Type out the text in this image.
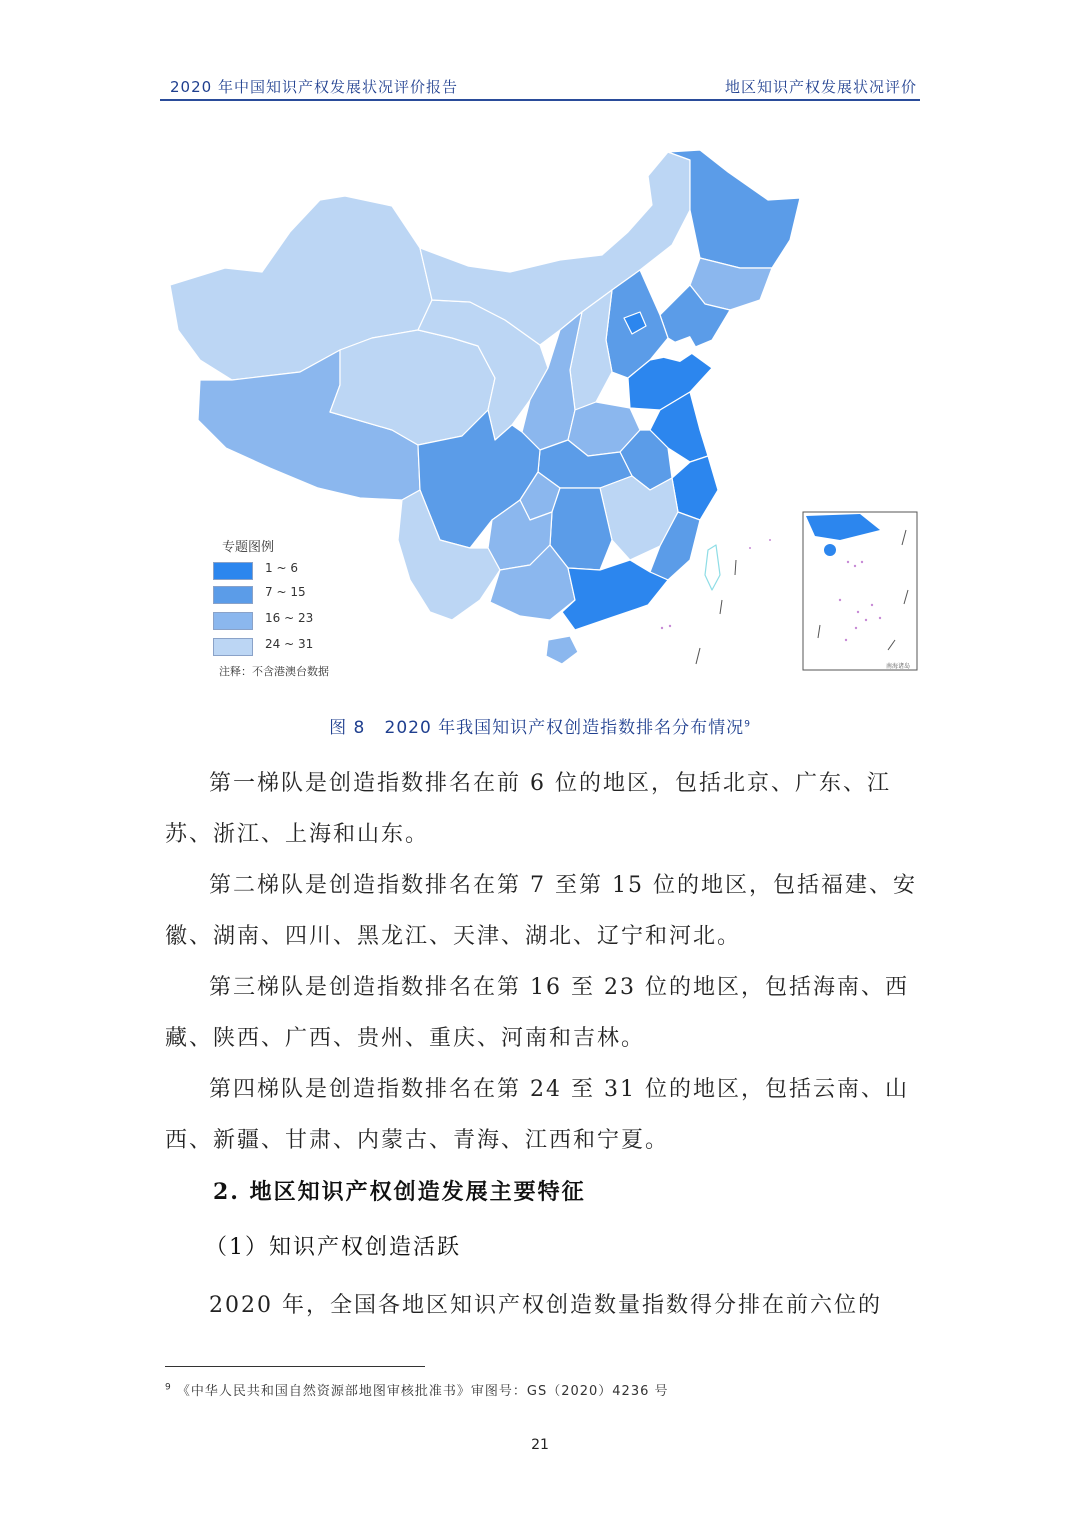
2020 年中国知识产权发展状况评价报告	地区知识产权发展状况评价
专题图例
1 ~ 6
7 ~ 15
16 ~ 23
24 ~ 31
注释：不含港澳台数据	南海诸岛
图 8 2020 年我国知识产权创造指数排名分布情况$^9$

第一梯队是创造指数排名在前 6 位的地区，包括北京、广东、江苏、浙江、上海和山东。

第二梯队是创造指数排名在第 7 至第 15 位的地区，包括福建、安徽、湖南、四川、黑龙江、天津、湖北、辽宁和河北。

第三梯队是创造指数排名在第 16 至 23 位的地区，包括海南、西藏、陕西、广西、贵州、重庆、河南和吉林。

第四梯队是创造指数排名在第 24 至 31 位的地区，包括云南、山西、新疆、甘肃、内蒙古、青海、江西和宁夏。

2. 地区知识产权创造发展主要特征
（1）知识产权创造活跃

2020 年，全国各地区知识产权创造数量指数得分排在前六位的

$^9$ 《中华人民共和国自然资源部地图审核批准书》审图号：GS（2020）4236 号
21
